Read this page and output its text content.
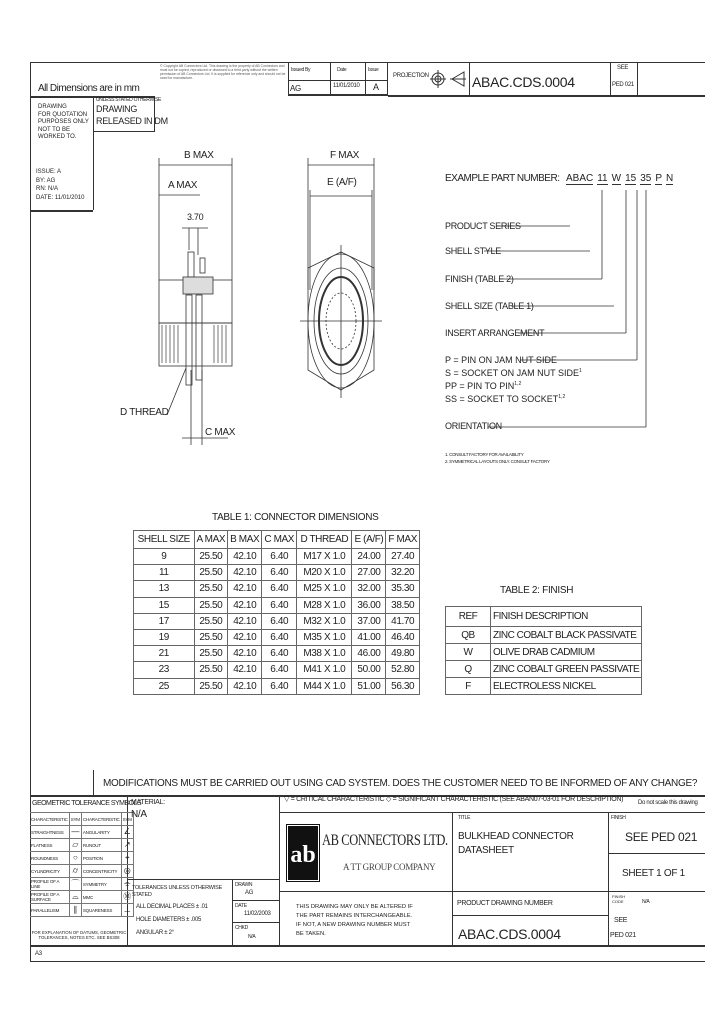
All Dimensions are in mm
UNLESS STATED OTHERWISE
DRAWING
RELEASED IN DM
DRAWING
FOR QUOTATION
PURPOSES ONLY
NOT TO BE
WORKED TO.
ISSUE: A
BY: AG
RN: N/A
DATE: 11/01/2010
© Copyright AB Connectors Ltd. This drawing is the property of AB Connectors and must not be copied, reproduced or disclosed to a third party without the written permission of AB Connectors Ltd. It is supplied for reference only and should not be used for manufacture.
Issued By
AG
Date
11/01/2010
Issue
A
PROJECTION	ABAC.CDS.0004
SEE
PED 021
B MAX
A MAX
3.70
D THREAD
C MAX
F MAX
E (A/F)	EXAMPLE PART NUMBER: ABAC 11 W 15 35 P N
PRODUCT SERIES
SHELL STYLE
FINISH (TABLE 2)
SHELL SIZE (TABLE 1)
INSERT ARRANGEMENT
P = PIN ON JAM NUT SIDE
S = SOCKET ON JAM NUT SIDE$^1$
PP = PIN TO PIN$^{1,2}$
SS = SOCKET TO SOCKET$^{1,2}$
ORIENTATION
1. CONSULT FACTORY FOR AVAILABILITY
2. SYMMETRICAL LAYOUTS ONLY. CONSULT FACTORY
TABLE 1: CONNECTOR DIMENSIONS
SHELL SIZE	A MAX	B MAX	C MAX	D THREAD	E (A/F)	F MAX
9	25.50	42.10	6.40	M17 X 1.0	24.00	27.40
11	25.50	42.10	6.40	M20 X 1.0	27.00	32.20
13	25.50	42.10	6.40	M25 X 1.0	32.00	35.30
15	25.50	42.10	6.40	M28 X 1.0	36.00	38.50
17	25.50	42.10	6.40	M32 X 1.0	37.00	41.70
19	25.50	42.10	6.40	M35 X 1.0	41.00	46.40
21	25.50	42.10	6.40	M38 X 1.0	46.00	49.80
23	25.50	42.10	6.40	M41 X 1.0	50.00	52.80
25	25.50	42.10	6.40	M44 X 1.0	51.00	56.30
TABLE 2: FINISH
REF	FINISH DESCRIPTION
QB	ZINC COBALT BLACK PASSIVATE
W	OLIVE DRAB CADMIUM
Q	ZINC COBALT GREEN PASSIVATE
F	ELECTROLESS NICKEL
MODIFICATIONS MUST BE CARRIED OUT USING CAD SYSTEM. DOES THE CUSTOMER NEED TO BE INFORMED OF ANY CHANGE?
GEOMETRIC TOLERANCE SYMBOLS
CHARACTERISTIC	SYM	CHARACTERISTIC	SYM
STRAIGHTNESS	—	ANGULARITY	∠
FLATNESS	▱	RUNOUT	↗
ROUNDNESS	○	POSITION	⌖
CYLINDRICITY	⌭	CONCENTRICITY	◎
PROFILE OF A LINE	⌒	SYMMETRY	⌯
PROFILE OF A SURFACE	⌓	MMC	Ⓜ
PARALLELISM	∥	SQUARENESS	⊥
FOR EXPLANATION OF DATUMS, GEOMETRIC
TOLERANCES, NOTES ETC. SEE BS308
MATERIAL:
N/A
TOLERANCES UNLESS OTHERWISE STATED
ALL DECIMAL PLACES ± .01
HOLE DIAMETERS ± .005
ANGULAR ± 2°
DRAWN
AG
DATE
11/02/2003
CHKD
N/A
▽ = CRITICAL CHARACTERISTIC ◇ = SIGNIFICANT CHARACTERISTIC (SEE ABAN07-03-01 FOR DESCRIPTION) Do not scale this drawing
ab
AB CONNECTORS LTD.
A TT GROUP COMPANY
TITLE
BULKHEAD CONNECTOR
DATASHEET
FINISH
SEE PED 021
SHEET 1 OF 1
THIS DRAWING MAY ONLY BE ALTERED IF
THE PART REMAINS INTERCHANGEABLE.
IF NOT, A NEW DRAWING NUMBER MUST
BE TAKEN.
PRODUCT DRAWING NUMBER
ABAC.CDS.0004
FINISH CODE	N/A
SEE
PED 021
A3
